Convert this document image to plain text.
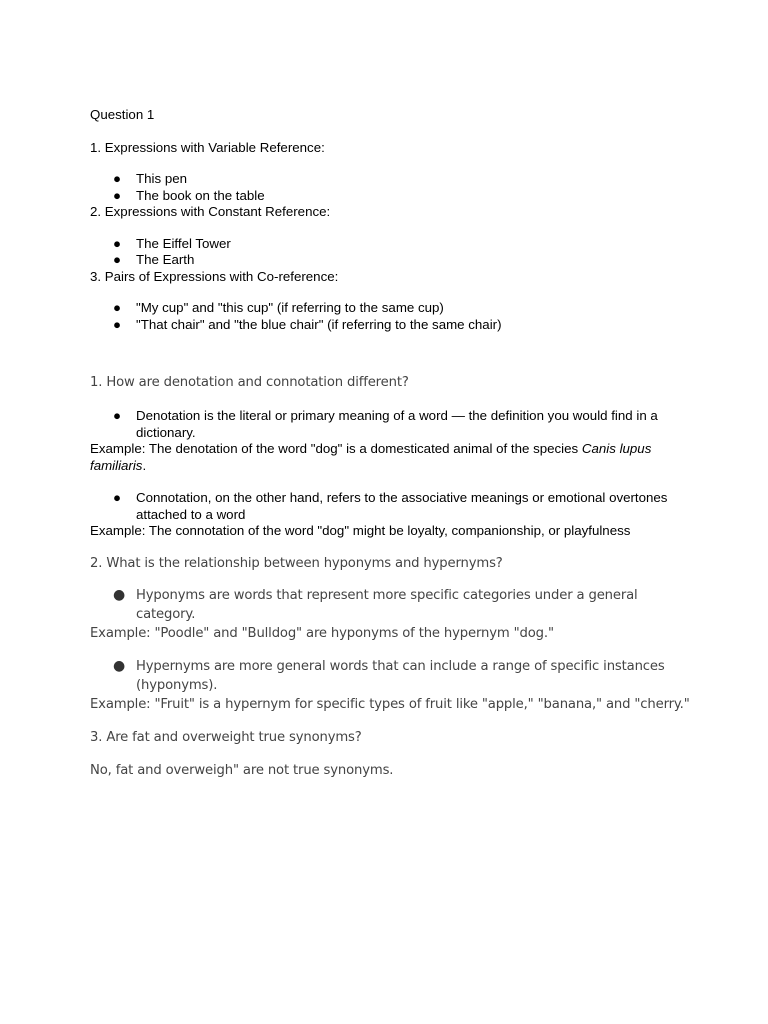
Question 1

1. Expressions with Variable Reference:

● This pen
● The book on the table

2. Expressions with Constant Reference:

● The Eiffel Tower
● The Earth

3. Pairs of Expressions with Co-reference:

● "My cup" and "this cup" (if referring to the same cup)
● "That chair" and "the blue chair" (if referring to the same chair)

1. How are denotation and connotation different?

● Denotation is the literal or primary meaning of a word — the definition you would find in a dictionary.

Example: The denotation of the word "dog" is a domesticated animal of the species Canis lupus familiaris.

● Connotation, on the other hand, refers to the associative meanings or emotional overtones attached to a word

Example: The connotation of the word "dog" might be loyalty, companionship, or playfulness

2. What is the relationship between hyponyms and hypernyms?

● Hyponyms are words that represent more specific categories under a general category.

Example: "Poodle" and "Bulldog" are hyponyms of the hypernym "dog."

● Hypernyms are more general words that can include a range of specific instances (hyponyms).

Example: "Fruit" is a hypernym for specific types of fruit like "apple," "banana," and "cherry."

3. Are fat and overweight true synonyms?

No, fat and overweigh" are not true synonyms.
